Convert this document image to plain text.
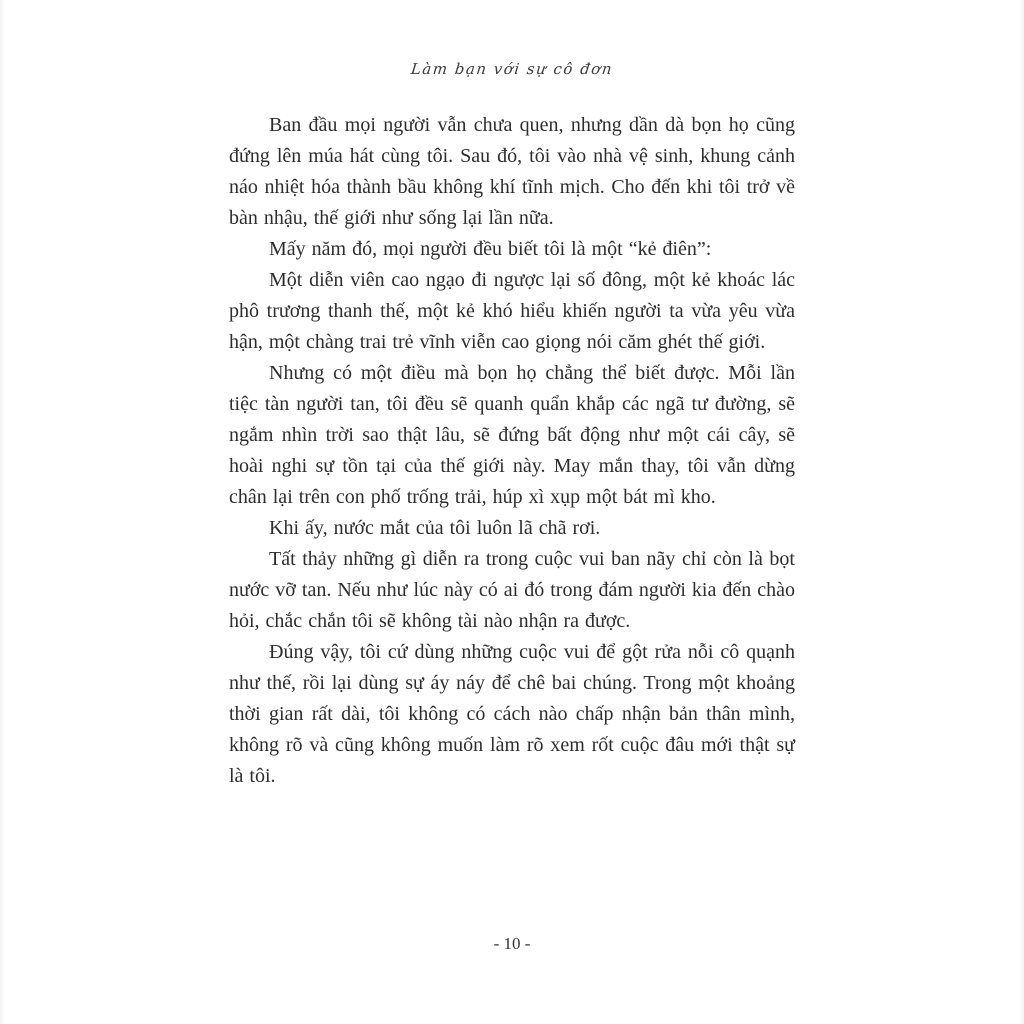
Làm bạn với sự cô đơn

Ban đầu mọi người vẫn chưa quen, nhưng dần dà bọn họ cũng đứng lên múa hát cùng tôi. Sau đó, tôi vào nhà vệ sinh, khung cảnh náo nhiệt hóa thành bầu không khí tĩnh mịch. Cho đến khi tôi trở về bàn nhậu, thế giới như sống lại lần nữa.

Mấy năm đó, mọi người đều biết tôi là một “kẻ điên”:

Một diễn viên cao ngạo đi ngược lại số đông, một kẻ khoác lác phô trương thanh thế, một kẻ khó hiểu khiến người ta vừa yêu vừa hận, một chàng trai trẻ vĩnh viễn cao giọng nói căm ghét thế giới.

Nhưng có một điều mà bọn họ chẳng thể biết được. Mỗi lần tiệc tàn người tan, tôi đều sẽ quanh quẩn khắp các ngã tư đường, sẽ ngắm nhìn trời sao thật lâu, sẽ đứng bất động như một cái cây, sẽ hoài nghi sự tồn tại của thế giới này. May mắn thay, tôi vẫn dừng chân lại trên con phố trống trải, húp xì xụp một bát mì kho.

Khi ấy, nước mắt của tôi luôn lã chã rơi.

Tất thảy những gì diễn ra trong cuộc vui ban nãy chỉ còn là bọt nước vỡ tan. Nếu như lúc này có ai đó trong đám người kia đến chào hỏi, chắc chắn tôi sẽ không tài nào nhận ra được.

Đúng vậy, tôi cứ dùng những cuộc vui để gột rửa nỗi cô quạnh như thế, rồi lại dùng sự áy náy để chê bai chúng. Trong một khoảng thời gian rất dài, tôi không có cách nào chấp nhận bản thân mình, không rõ và cũng không muốn làm rõ xem rốt cuộc đâu mới thật sự là tôi.

- 10 -
